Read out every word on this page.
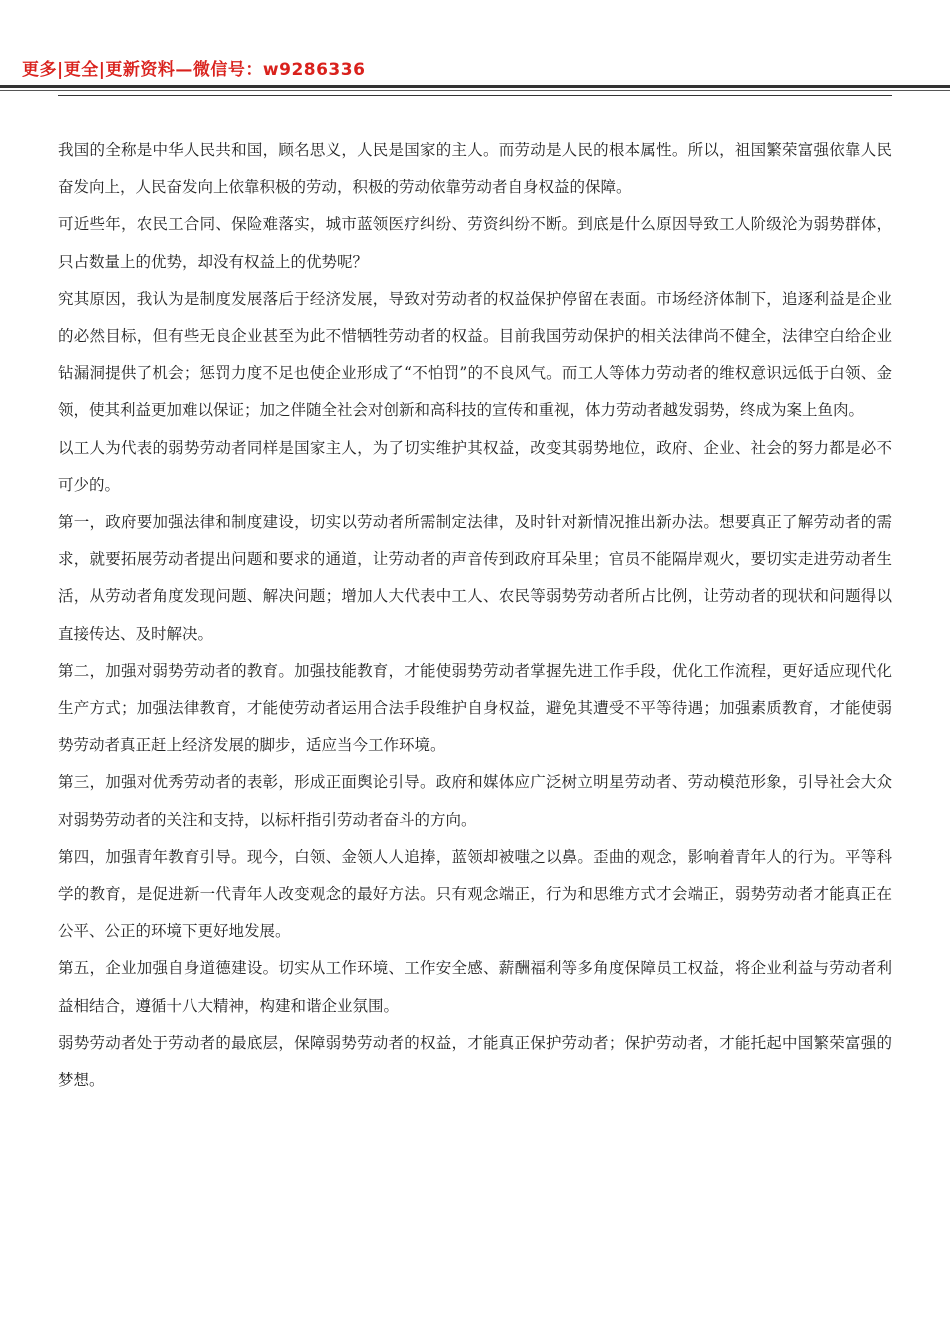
更多|更全|更新资料—微信号：w9286336

我国的全称是中华人民共和国，顾名思义，人民是国家的主人。而劳动是人民的根本属性。所以，祖国繁荣富强依靠人民奋发向上，人民奋发向上依靠积极的劳动，积极的劳动依靠劳动者自身权益的保障。

可近些年，农民工合同、保险难落实，城市蓝领医疗纠纷、劳资纠纷不断。到底是什么原因导致工人阶级沦为弱势群体，只占数量上的优势，却没有权益上的优势呢？

究其原因，我认为是制度发展落后于经济发展，导致对劳动者的权益保护停留在表面。市场经济体制下，追逐利益是企业的必然目标，但有些无良企业甚至为此不惜牺牲劳动者的权益。目前我国劳动保护的相关法律尚不健全，法律空白给企业钻漏洞提供了机会；惩罚力度不足也使企业形成了“不怕罚”的不良风气。而工人等体力劳动者的维权意识远低于白领、金领，使其利益更加难以保证；加之伴随全社会对创新和高科技的宣传和重视，体力劳动者越发弱势，终成为案上鱼肉。

以工人为代表的弱势劳动者同样是国家主人，为了切实维护其权益，改变其弱势地位，政府、企业、社会的努力都是必不可少的。

第一，政府要加强法律和制度建设，切实以劳动者所需制定法律，及时针对新情况推出新办法。想要真正了解劳动者的需求，就要拓展劳动者提出问题和要求的通道，让劳动者的声音传到政府耳朵里；官员不能隔岸观火，要切实走进劳动者生活，从劳动者角度发现问题、解决问题；增加人大代表中工人、农民等弱势劳动者所占比例，让劳动者的现状和问题得以直接传达、及时解决。

第二，加强对弱势劳动者的教育。加强技能教育，才能使弱势劳动者掌握先进工作手段，优化工作流程，更好适应现代化生产方式；加强法律教育，才能使劳动者运用合法手段维护自身权益，避免其遭受不平等待遇；加强素质教育，才能使弱势劳动者真正赶上经济发展的脚步，适应当今工作环境。

第三，加强对优秀劳动者的表彰，形成正面舆论引导。政府和媒体应广泛树立明星劳动者、劳动模范形象，引导社会大众对弱势劳动者的关注和支持，以标杆指引劳动者奋斗的方向。

第四，加强青年教育引导。现今，白领、金领人人追捧，蓝领却被嗤之以鼻。歪曲的观念，影响着青年人的行为。平等科学的教育，是促进新一代青年人改变观念的最好方法。只有观念端正，行为和思维方式才会端正，弱势劳动者才能真正在公平、公正的环境下更好地发展。

第五，企业加强自身道德建设。切实从工作环境、工作安全感、薪酬福利等多角度保障员工权益，将企业利益与劳动者利益相结合，遵循十八大精神，构建和谐企业氛围。

弱势劳动者处于劳动者的最底层，保障弱势劳动者的权益，才能真正保护劳动者；保护劳动者，才能托起中国繁荣富强的梦想。
